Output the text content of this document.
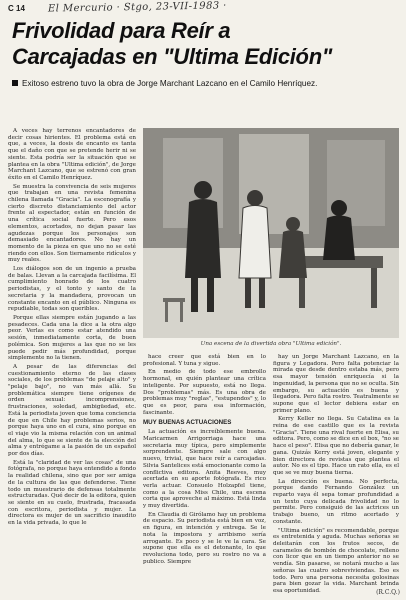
C 14 El Mercurio · Stgo, 23-VII-1983 ·
Frivolidad para Reír a
Carcajadas en "Ultima Edición"
Exitoso estreno tuvo la obra de Jorge Marchant Lazcano en el Camilo Henríquez.

A veces hay terrenos encantadores de decir cosas hirientes. El problema está en que, a veces, la dosis de encanto es tanta que el daño con que se pretende herir ni se siente. Esta podría ser la situación que se plantea en la obra "Ultima edición", de Jorge Marchant Lazcano, que se estrenó con gran éxito en el Camilo Henríquez.

Se muestra la convivencia de seis mujeres que trabajan en una revista femenina chilena llamada "Gracia". La escenografía y cierto discreto distanciamiento del actor frente al espectador, están en función de una crítica social fuerte. Pero esos elementos, acortados, no dejan pasar las agudezas porque los personajes son demasiado encantadores. No hay un momento de la pieza en que uno no se esté riendo con ellos. Son tiernamente ridículos y muy reales.

Los diálogos son de un ingenio a prueba de balas. Llevan a la carcajada facilísima. El cumplimiento honrado de los cuatro periodistas, y el tonto y santo de la secretaria y la mandadera, provocan un constante encanto en el público. Ninguna es repudiable, todas son queribles.

Porque ellas siempre están jugando a las pesadeces. Cada una la dice a la otra algo peor. Verlas es como estar atendido una sesión, inmediatamente corta, de buen polémica. Son mujeres a las que no se les puede pedir más profundidad, porque simplemente no la tienen.

A pesar de las diferencias del cuestionamiento eterno de las clases sociales, de los problemas "de pelaje alto" y "pelaje bajo", no van más allá. Su problemática siempre tiene orígenes de orden sexual: incomprensiones, frustraciones, soledad, ambigüedad, etc. Está la periodista joven que toma conciencia de que en Chile hay problemas serios, no porque haya uno en el cura, sino porque en el viaje vio la misma relación con un animal del alma, lo que se siente de la elección del alma y entrégame a la pasión de un español por dos días.

Está la "claridad de ver las cosas" de una fotógrafa, no porque haya entendido a fondo la realidad chilena, sino que por ser amiga de la cultura de las que defenderse. Tiene todo un muestrario de defensas totalmente estructuradas. Qué decir de la editora, quien se siente en su cuelo, frustrada, fracasada con escritora, periodista y mujer. La directora es mujer de un sacrificio inaudito en la vida privada, lo que le

Una escena de la divertida obra "Ultima edición".

hace creer que está bien en lo profesional. Y tuna y sigue.

En medio de todo ese embrollo hormonal, en quién plantear una crítica inteligente. Por supuesto, está no llega. Dos "problemas" más. Es una obra de problemas muy "reglas", "estupendos" y, lo que es peor, para esa información, fascinante.

MUY BUENAS ACTUACIONES

La actuación es increíblemente buena. Maricarmen Arrigorriaga hace una secretaria muy típica, pero simplemente sorprendente. Siempre sale con algo nuevo, trivial, que hace reír a carcajadas. Silvia Santelices está emocionante como la conflictiva editora. Anita Reeves, muy acertada en su aporte fotógrafa. Es rico verla actuar. Consuelo Holzapfel tiene, como a la cosa Miss Chile, una escena corta que aproveche al máximo. Está linda y muy divertida.

En Claudia di Girólamo hay un problema de espacio. Su periodista está bien en voz, en figura, en intención y entrega. Se le nota la impostora y arribismo sería arrogante. Es poco y se le ve la cara. Se supone que ella es el detonante, lo que revoluciona todo, pero su rostro no va a publico. Siempre

hay un Jorge Marchant Lazcano, en la figura y Legadora. Pero falta potenciar la mirada que desde dentro estaba más, pero esa mayor tensión enriquecía si la ingenuidad, la persona que no se oculta. Sin embargo, su actuación es buena y llegadora. Pero falta rostro. Teatralmente se supone que el lector debiera estar en primer plano.

Kerry Keller no llega. Su Catalina es la reina de ese castillo que es la revista "Gracia". Tiene una rival fuerte en Elisa, su editora. Pero, como se dice en el box, "no se hace el peso". Elisa que no debería ganar, le gana. Quizás Kerry está joven, elegante y bien directora de revistas que plantea el autor. No es el tipo. Hace un rato ella, es el que se ve muy buena tierna.

La dirección es buena. No perfecta, porque dando Fernando González un reparto vaya él sepa tomar profundidad a un texto cuya delicada frivolidad no lo permite. Pero consiguió de las actrices un trabajo bueno, un ritmo acertado y constante.

"Ultima edición" es recomendable, porque es entretenida y aguda. Muchas señoras se deleitarán con los frutos secos, de caramelos de bombón de chocolate, relleno con licor que en un tiempo anterior no se vendía. Sin pasarse, se notará mucho a las señoras las cuatro sobreviviendas. Eso es todo. Pero una persona necesita golosinas para bien gozar la vida. Marchant brinda esa oportunidad.	(R.C.Q.)
